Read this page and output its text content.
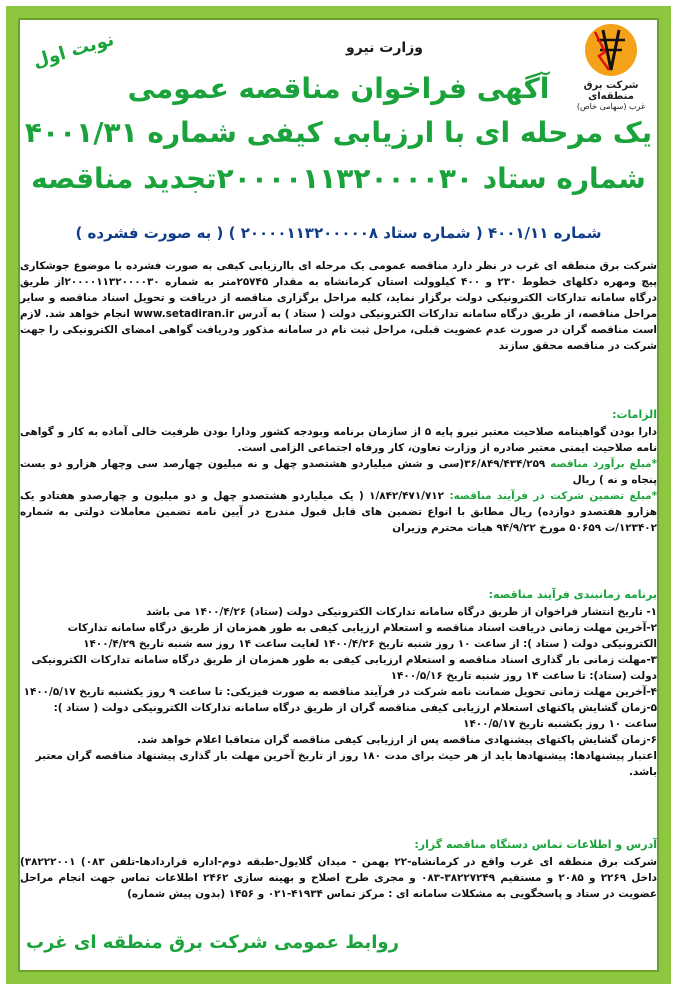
شرکت برق منطقه‌ای
غرب (سهامی خاص)
وزارت نیرو
نوبت اول
آگهی فراخوان مناقصه عمومی
یک مرحله ای با ارزیابی کیفی شماره ۴۰۰۱/۳۱
شماره ستاد ۲۰۰۰۰۱۱۳۲۰۰۰۰۳۰تجدید مناقصه
شماره ۴۰۰۱/۱۱ ( شماره ستاد ۲۰۰۰۰۱۱۳۲۰۰۰۰۰۸ ) ( به صورت فشرده )
شرکت برق منطقه ای غرب در نظر دارد مناقصه عمومی یک مرحله ای باارزیابی کیفی به صورت فشرده با موضوع جوشکاری پیچ ومهره دکلهای خطوط ۲۳۰ و ۴۰۰ کیلوولت استان کرمانشاه به مقدار ۲۵۷۴۵متر به شماره ۲۰۰۰۰۱۱۳۲۰۰۰۰۳۰از طریق درگاه سامانه تدارکات الکترونیکی دولت برگزار نماید، کلیه مراحل برگزاری مناقصه از دریافت و تحویل اسناد مناقصه و سایر مراحل مناقصه، از طریق درگاه سامانه تدارکات الکترونیکی دولت ( ستاد ) به آدرس www.setadiran.ir انجام خواهد شد. لازم است مناقصه گران در صورت عدم عضویت قبلی، مراحل ثبت نام در سامانه مذکور ودریافت گواهی امضای الکترونیکی را جهت شرکت در مناقصه محقق سازند
الزامات:
دارا بودن گواهینامه صلاحیت معتبر نیرو پایه ۵ از سازمان برنامه وبودجه کشور ودارا بودن ظرفیت خالی آماده به کار و گواهی نامه صلاحیت ایمنی معتبر صادره از وزارت تعاون، کار ورفاه اجتماعی الزامی است.
*مبلغ برآورد مناقصه ۳۶/۸۴۹/۴۳۴/۲۵۹(سی و شش میلیاردو هشتصدو چهل و نه میلیون چهارصد سی وچهار هزارو دو یست پنجاه و نه ) ریال
*مبلغ تضمین شرکت در فرآیند مناقصه: ۱/۸۴۲/۴۷۱/۷۱۲ ( یک میلیاردو هشتصدو چهل و دو میلیون و چهارصدو هفتادو یک هزارو هفتصدو دوازده) ریال مطابق با انواع تضمین های قابل قبول مندرج در آیین نامه تضمین معاملات دولتی به شماره ۱۲۳۴۰۲/ت ۵۰۶۵۹ مورخ ۹۴/۹/۲۲ هیات محترم وزیران
برنامه زمانبندی فرآیند مناقصه:
۱- تاریخ انتشار فراخوان از طریق درگاه سامانه تدارکات الکترونیکی دولت (ستاد) ۱۴۰۰/۴/۲۶ می باشد
۲-آخرین مهلت زمانی دریافت اسناد مناقصه و استعلام ارزیابی کیفی به طور همزمان از طریق درگاه سامانه تدارکات الکترونیکی دولت ( ستاد ): از ساعت ۱۰ روز شنبه تاریخ ۱۴۰۰/۴/۲۶ لغایت ساعت ۱۴ روز سه شنبه تاریخ ۱۴۰۰/۴/۲۹
۳-مهلت زمانی بار گذاری اسناد مناقصه و استعلام ارزیابی کیفی به طور همزمان از طریق درگاه سامانه تدارکات الکترونیکی دولت (ستاد): تا ساعت ۱۴ روز شنبه تاریخ ۱۴۰۰/۵/۱۶
۴-آخرین مهلت زمانی تحویل ضمانت نامه شرکت در فرآیند مناقصه به صورت فیزیکی: تا ساعت ۹ روز یکشنبه تاریخ ۱۴۰۰/۵/۱۷
۵-زمان گشایش پاکتهای استعلام ارزیابی کیفی مناقصه گران از طریق درگاه سامانه تدارکات الکترونیکی دولت ( ستاد ): ساعت ۱۰ روز یکشنبه تاریخ ۱۴۰۰/۵/۱۷
۶-زمان گشایش پاکتهای پیشنهادی مناقصه پس از ارزیابی کیفی مناقصه گران متعاقبا اعلام خواهد شد.
اعتبار پیشنهادها: پیشنهادها باید از هر حیث برای مدت ۱۸۰ روز از تاریخ آخرین مهلت بار گذاری پیشنهاد مناقصه گران معتبر باشد.
آدرس و اطلاعات تماس دستگاه مناقصه گزار:
شرکت برق منطقه ای غرب واقع در کرمانشاه-۲۲ بهمن - میدان گلایول-طبقه دوم-اداره قراردادها-تلفن ۰۸۳) ۳۸۲۲۲۰۰۱) داخل ۲۲۶۹ و ۲۰۸۵ و مستقیم ۳۸۲۲۷۲۴۹-۰۸۳ و مجری طرح اصلاح و بهینه سازی ۲۴۶۲ اطلاعات تماس جهت انجام مراحل عضویت در ستاد و پاسخگویی به مشکلات سامانه ای : مرکز تماس ۴۱۹۳۴-۰۲۱ و ۱۴۵۶ (بدون پیش شماره)
روابط عمومی شرکت برق منطقه ای غرب
